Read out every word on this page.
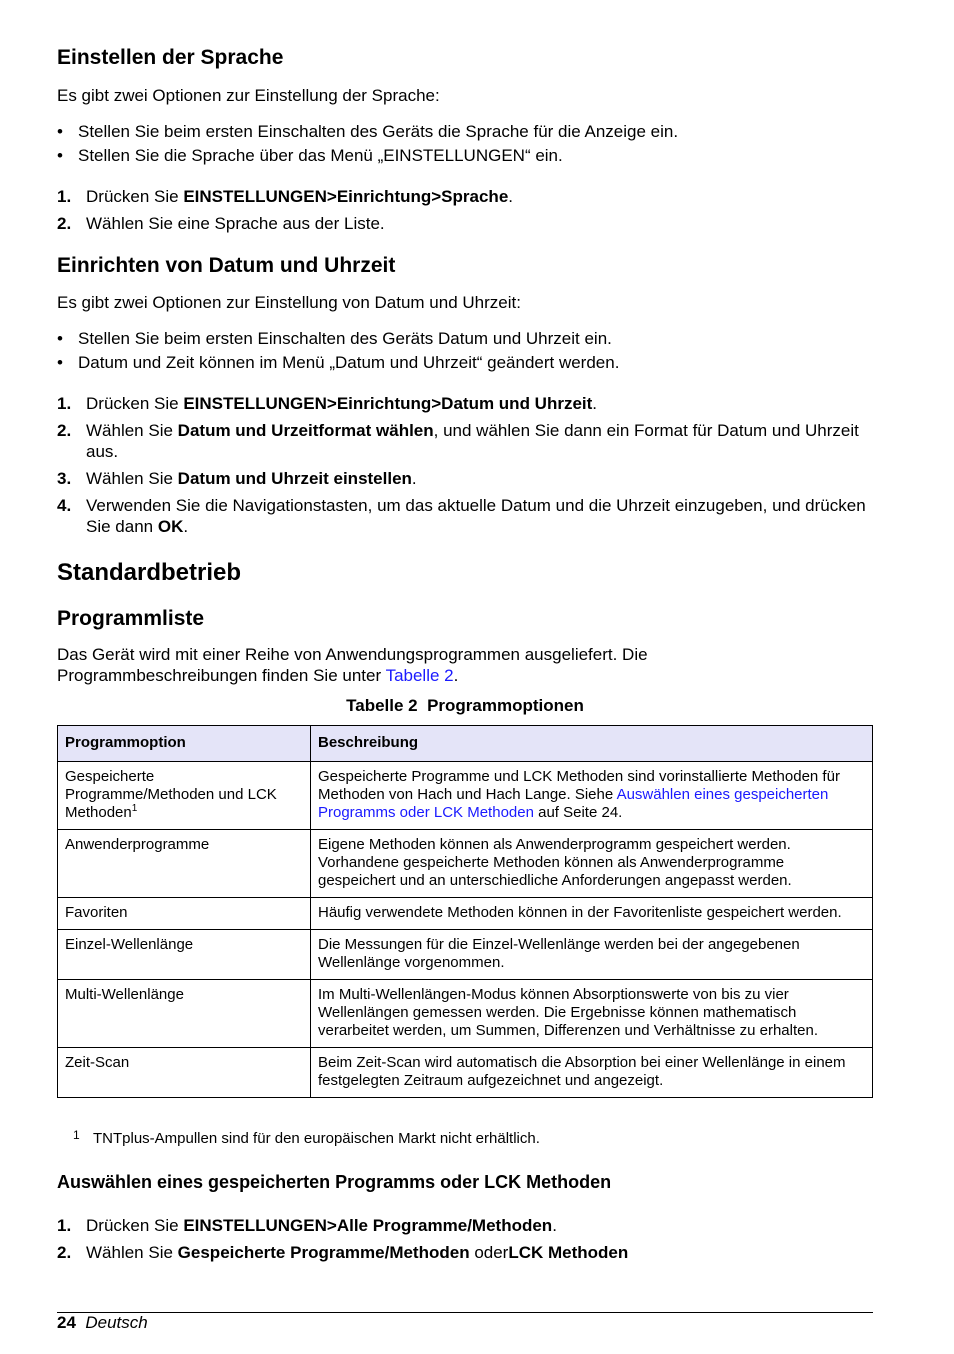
Einstellen der Sprache

Es gibt zwei Optionen zur Einstellung der Sprache:

• Stellen Sie beim ersten Einschalten des Geräts die Sprache für die Anzeige ein.
• Stellen Sie die Sprache über das Menü „EINSTELLUNGEN“ ein.
1. Drücken Sie EINSTELLUNGEN>Einrichtung>Sprache.
2. Wählen Sie eine Sprache aus der Liste.
Einrichten von Datum und Uhrzeit

Es gibt zwei Optionen zur Einstellung von Datum und Uhrzeit:

• Stellen Sie beim ersten Einschalten des Geräts Datum und Uhrzeit ein.
• Datum und Zeit können im Menü „Datum und Uhrzeit“ geändert werden.
1. Drücken Sie EINSTELLUNGEN>Einrichtung>Datum und Uhrzeit.
2. Wählen Sie Datum und Urzeitformat wählen, und wählen Sie dann ein Format für Datum und Uhrzeit aus.
3. Wählen Sie Datum und Uhrzeit einstellen.
4. Verwenden Sie die Navigationstasten, um das aktuelle Datum und die Uhrzeit einzugeben, und drücken Sie dann OK.
Standardbetrieb
Programmliste

Das Gerät wird mit einer Reihe von Anwendungsprogrammen ausgeliefert. Die Programmbeschreibungen finden Sie unter Tabelle 2.

Tabelle 2  Programmoptionen
Programmoption	Beschreibung
Gespeicherte Programme/Methoden und LCK Methoden$^1$	Gespeicherte Programme und LCK Methoden sind vorinstallierte Methoden für Methoden von Hach und Hach Lange. Siehe Auswählen eines gespeicherten Programms oder LCK Methoden auf Seite 24.
Anwenderprogramme	Eigene Methoden können als Anwenderprogramm gespeichert werden. Vorhandene gespeicherte Methoden können als Anwenderprogramme gespeichert und an unterschiedliche Anforderungen angepasst werden.
Favoriten	Häufig verwendete Methoden können in der Favoritenliste gespeichert werden.
Einzel-Wellenlänge	Die Messungen für die Einzel-Wellenlänge werden bei der angegebenen Wellenlänge vorgenommen.
Multi-Wellenlänge	Im Multi-Wellenlängen-Modus können Absorptionswerte von bis zu vier Wellenlängen gemessen werden. Die Ergebnisse können mathematisch verarbeitet werden, um Summen, Differenzen und Verhältnisse zu erhalten.
Zeit-Scan	Beim Zeit-Scan wird automatisch die Absorption bei einer Wellenlänge in einem festgelegten Zeitraum aufgezeichnet und angezeigt.
1 TNTplus-Ampullen sind für den europäischen Markt nicht erhältlich.
Auswählen eines gespeicherten Programms oder LCK Methoden
1. Drücken Sie EINSTELLUNGEN>Alle Programme/Methoden.
2. Wählen Sie Gespeicherte Programme/Methoden oderLCK Methoden
24 Deutsch
